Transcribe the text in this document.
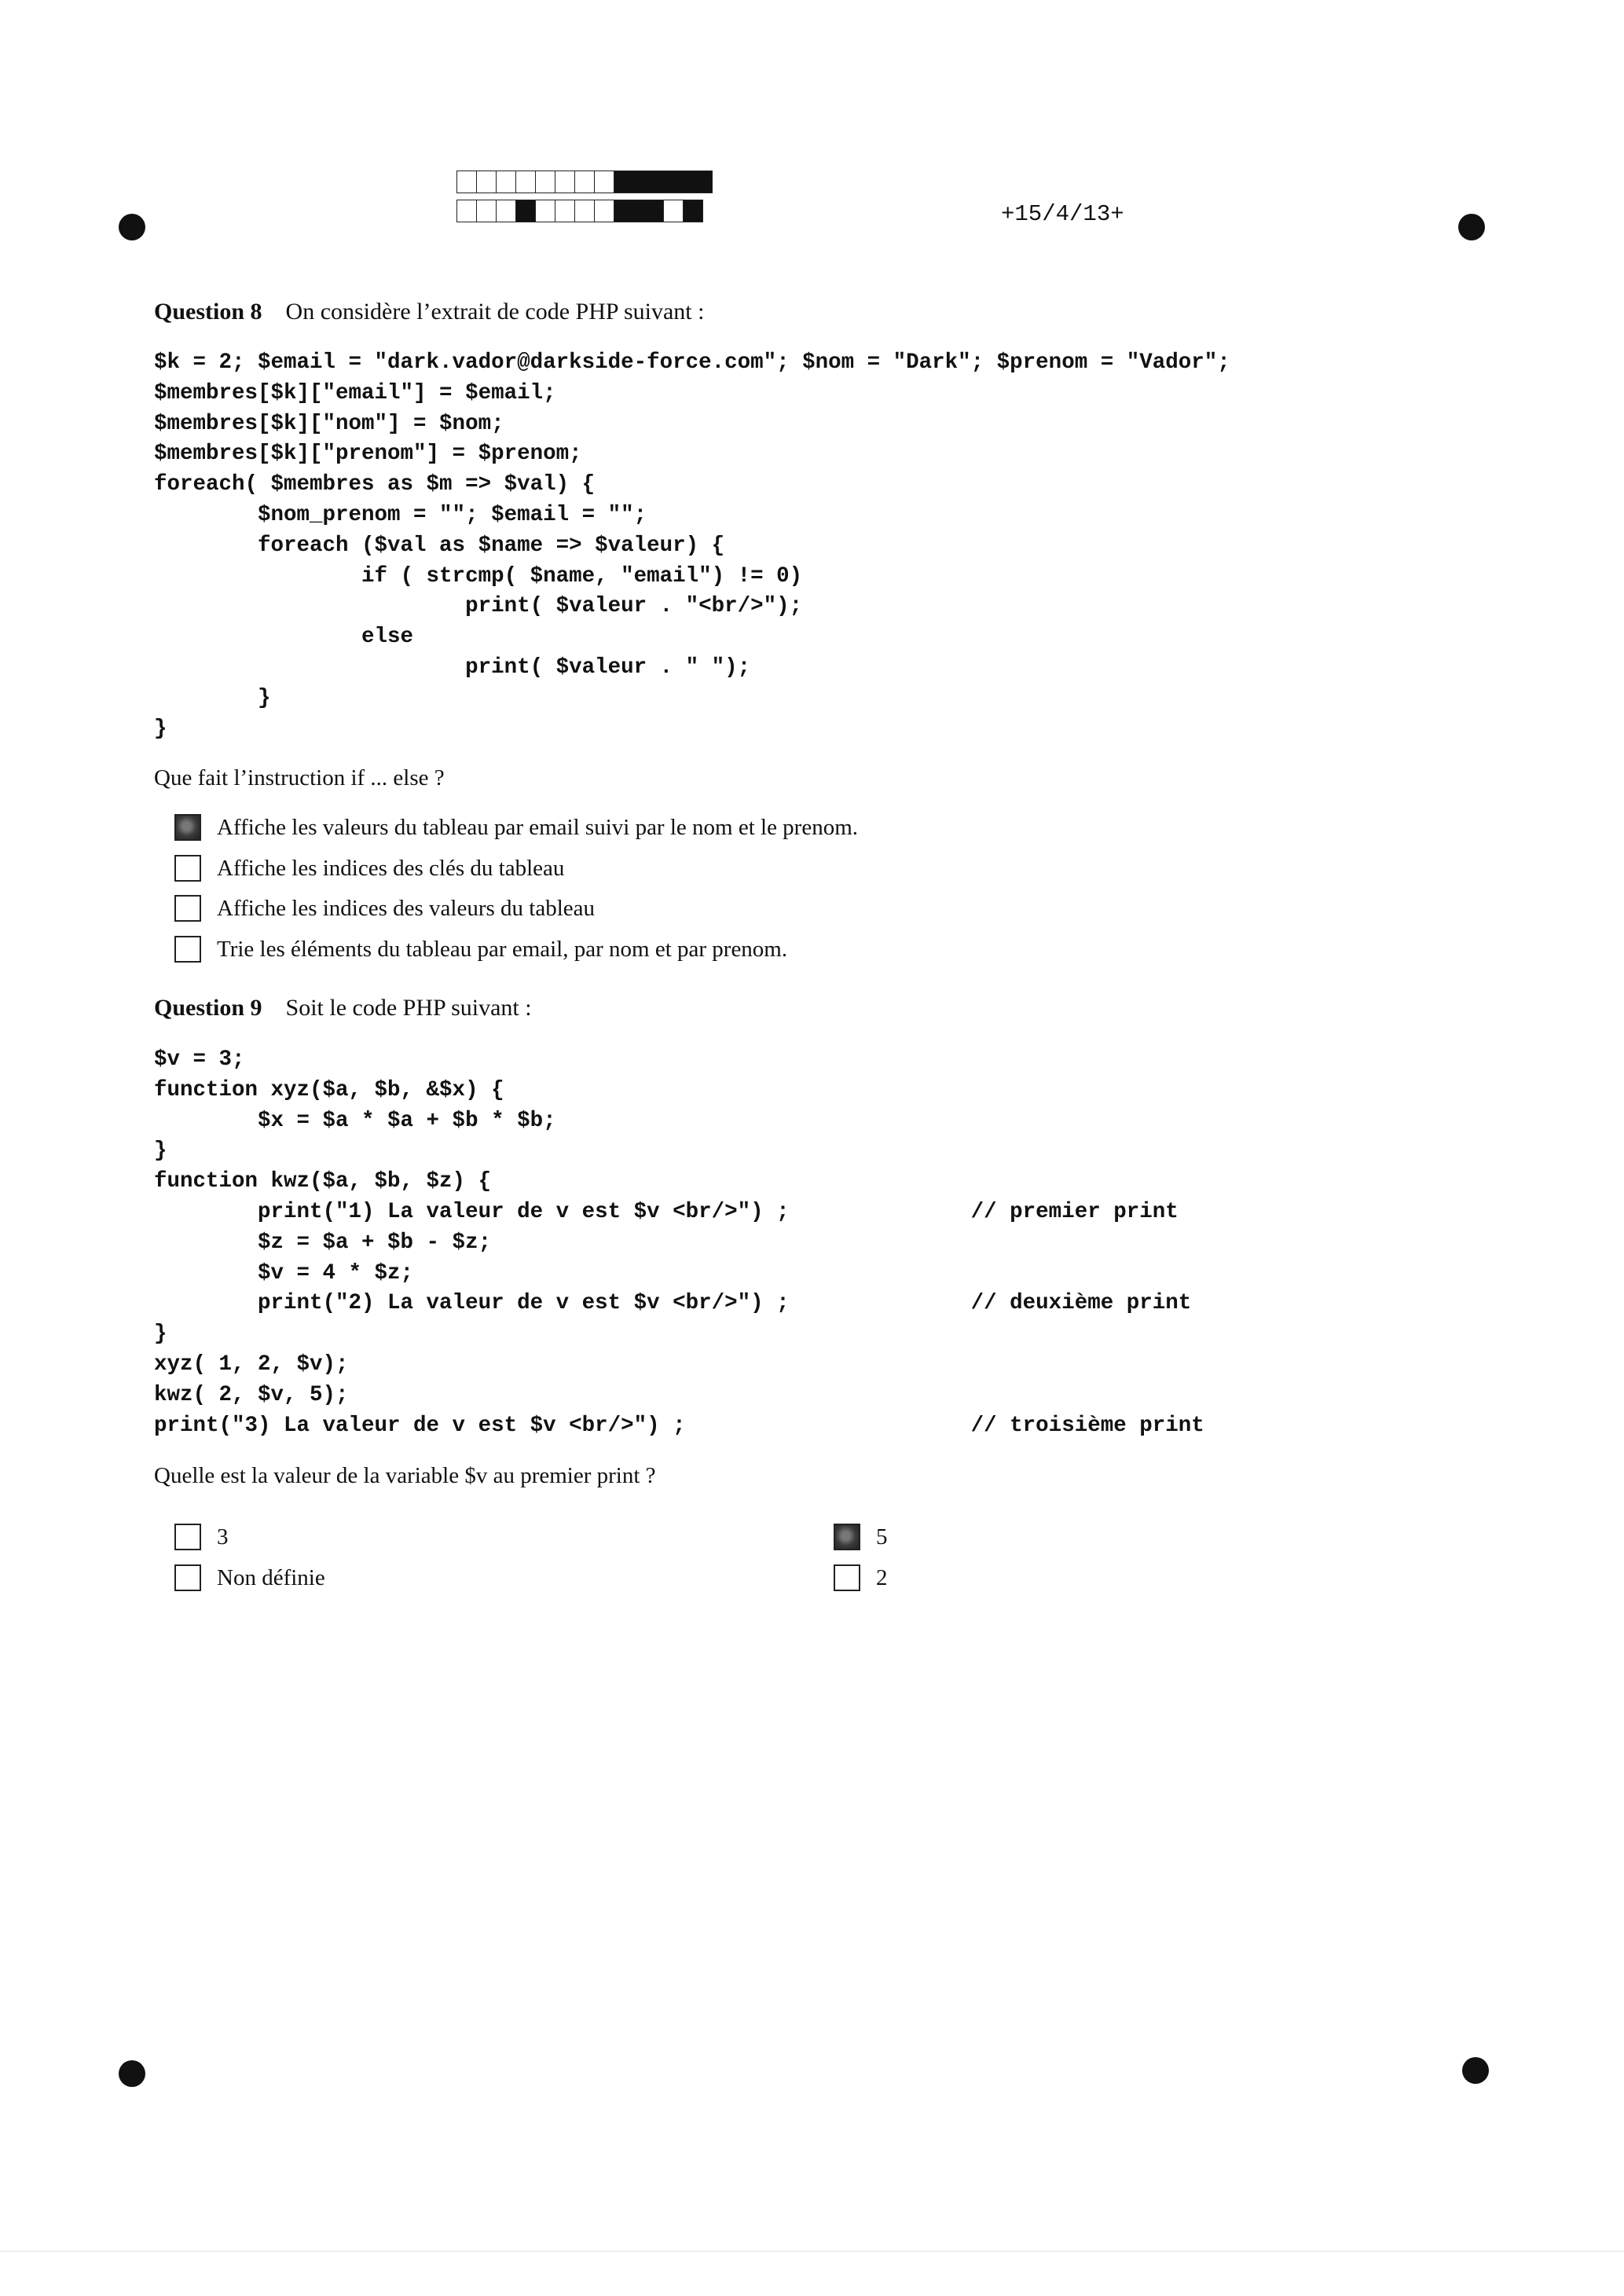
+15/4/13+
Question 8 On considère l’extrait de code PHP suivant :
$k = 2; $email = "dark.vador@darkside-force.com"; $nom = "Dark"; $prenom = "Vador";
$membres[$k]["email"] = $email;
$membres[$k]["nom"] = $nom;
$membres[$k]["prenom"] = $prenom;
foreach( $membres as $m => $val) {
$nom_prenom = ""; $email = "";
foreach ($val as $name => $valeur) {
if ( strcmp( $name, "email") != 0)
print( $valeur . "<br/>");
else
print( $valeur . " ");
}
}
Que fait l’instruction if ... else ?
Affiche les valeurs du tableau par email suivi par le nom et le prenom.
Affiche les indices des clés du tableau
Affiche les indices des valeurs du tableau
Trie les éléments du tableau par email, par nom et par prenom.
Question 9 Soit le code PHP suivant :
$v = 3;
function xyz($a, $b, &$x) {
$x = $a * $a + $b * $b;
}
function kwz($a, $b, $z) {
print("1) La valeur de v est $v <br/>") ;              // premier print
$z = $a + $b - $z;
$v = 4 * $z;
print("2) La valeur de v est $v <br/>") ;              // deuxième print
}
xyz( 1, 2, $v);
kwz( 2, $v, 5);
print("3) La valeur de v est $v <br/>") ;                      // troisième print
Quelle est la valeur de la variable $v au premier print ?
3	5
Non définie	2
